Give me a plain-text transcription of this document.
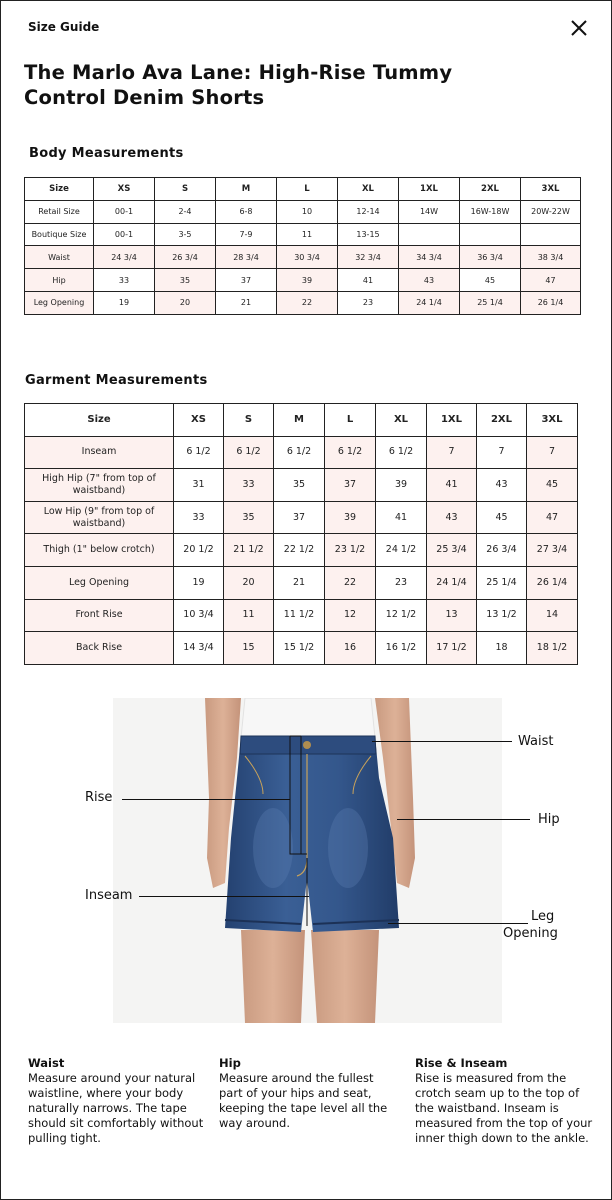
Size Guide
The Marlo Ava Lane: High-Rise Tummy Control Denim Shorts
Body Measurements
Size	XS	S	M	L	XL	1XL	2XL	3XL
Retail Size	00-1	2-4	6-8	10	12-14	14W	16W-18W	20W-22W
Boutique Size	00-1	3-5	7-9	11	13-15			
Waist	24 3/4	26 3/4	28 3/4	30 3/4	32 3/4	34 3/4	36 3/4	38 3/4
Hip	33	35	37	39	41	43	45	47
Leg Opening	19	20	21	22	23	24 1/4	25 1/4	26 1/4
Garment Measurements
Size	XS	S	M	L	XL	1XL	2XL	3XL
Inseam	6 1/2	6 1/2	6 1/2	6 1/2	6 1/2	7	7	7
High Hip (7" from top of waistband)	31	33	35	37	39	41	43	45
Low Hip (9" from top of waistband)	33	35	37	39	41	43	45	47
Thigh (1" below crotch)	20 1/2	21 1/2	22 1/2	23 1/2	24 1/2	25 3/4	26 3/4	27 3/4
Leg Opening	19	20	21	22	23	24 1/4	25 1/4	26 1/4
Front Rise	10 3/4	11	11 1/2	12	12 1/2	13	13 1/2	14
Back Rise	14 3/4	15	15 1/2	16	16 1/2	17 1/2	18	18 1/2
Waist
Hip
Rise
Inseam
Leg
Opening
Waist

Measure around your natural waistline, where your body naturally narrows. The tape should sit comfortably without pulling tight.

Hip

Measure around the fullest part of your hips and seat, keeping the tape level all the way around.

Rise & Inseam

Rise is measured from the crotch seam up to the top of the waistband. Inseam is measured from the top of your inner thigh down to the ankle.
